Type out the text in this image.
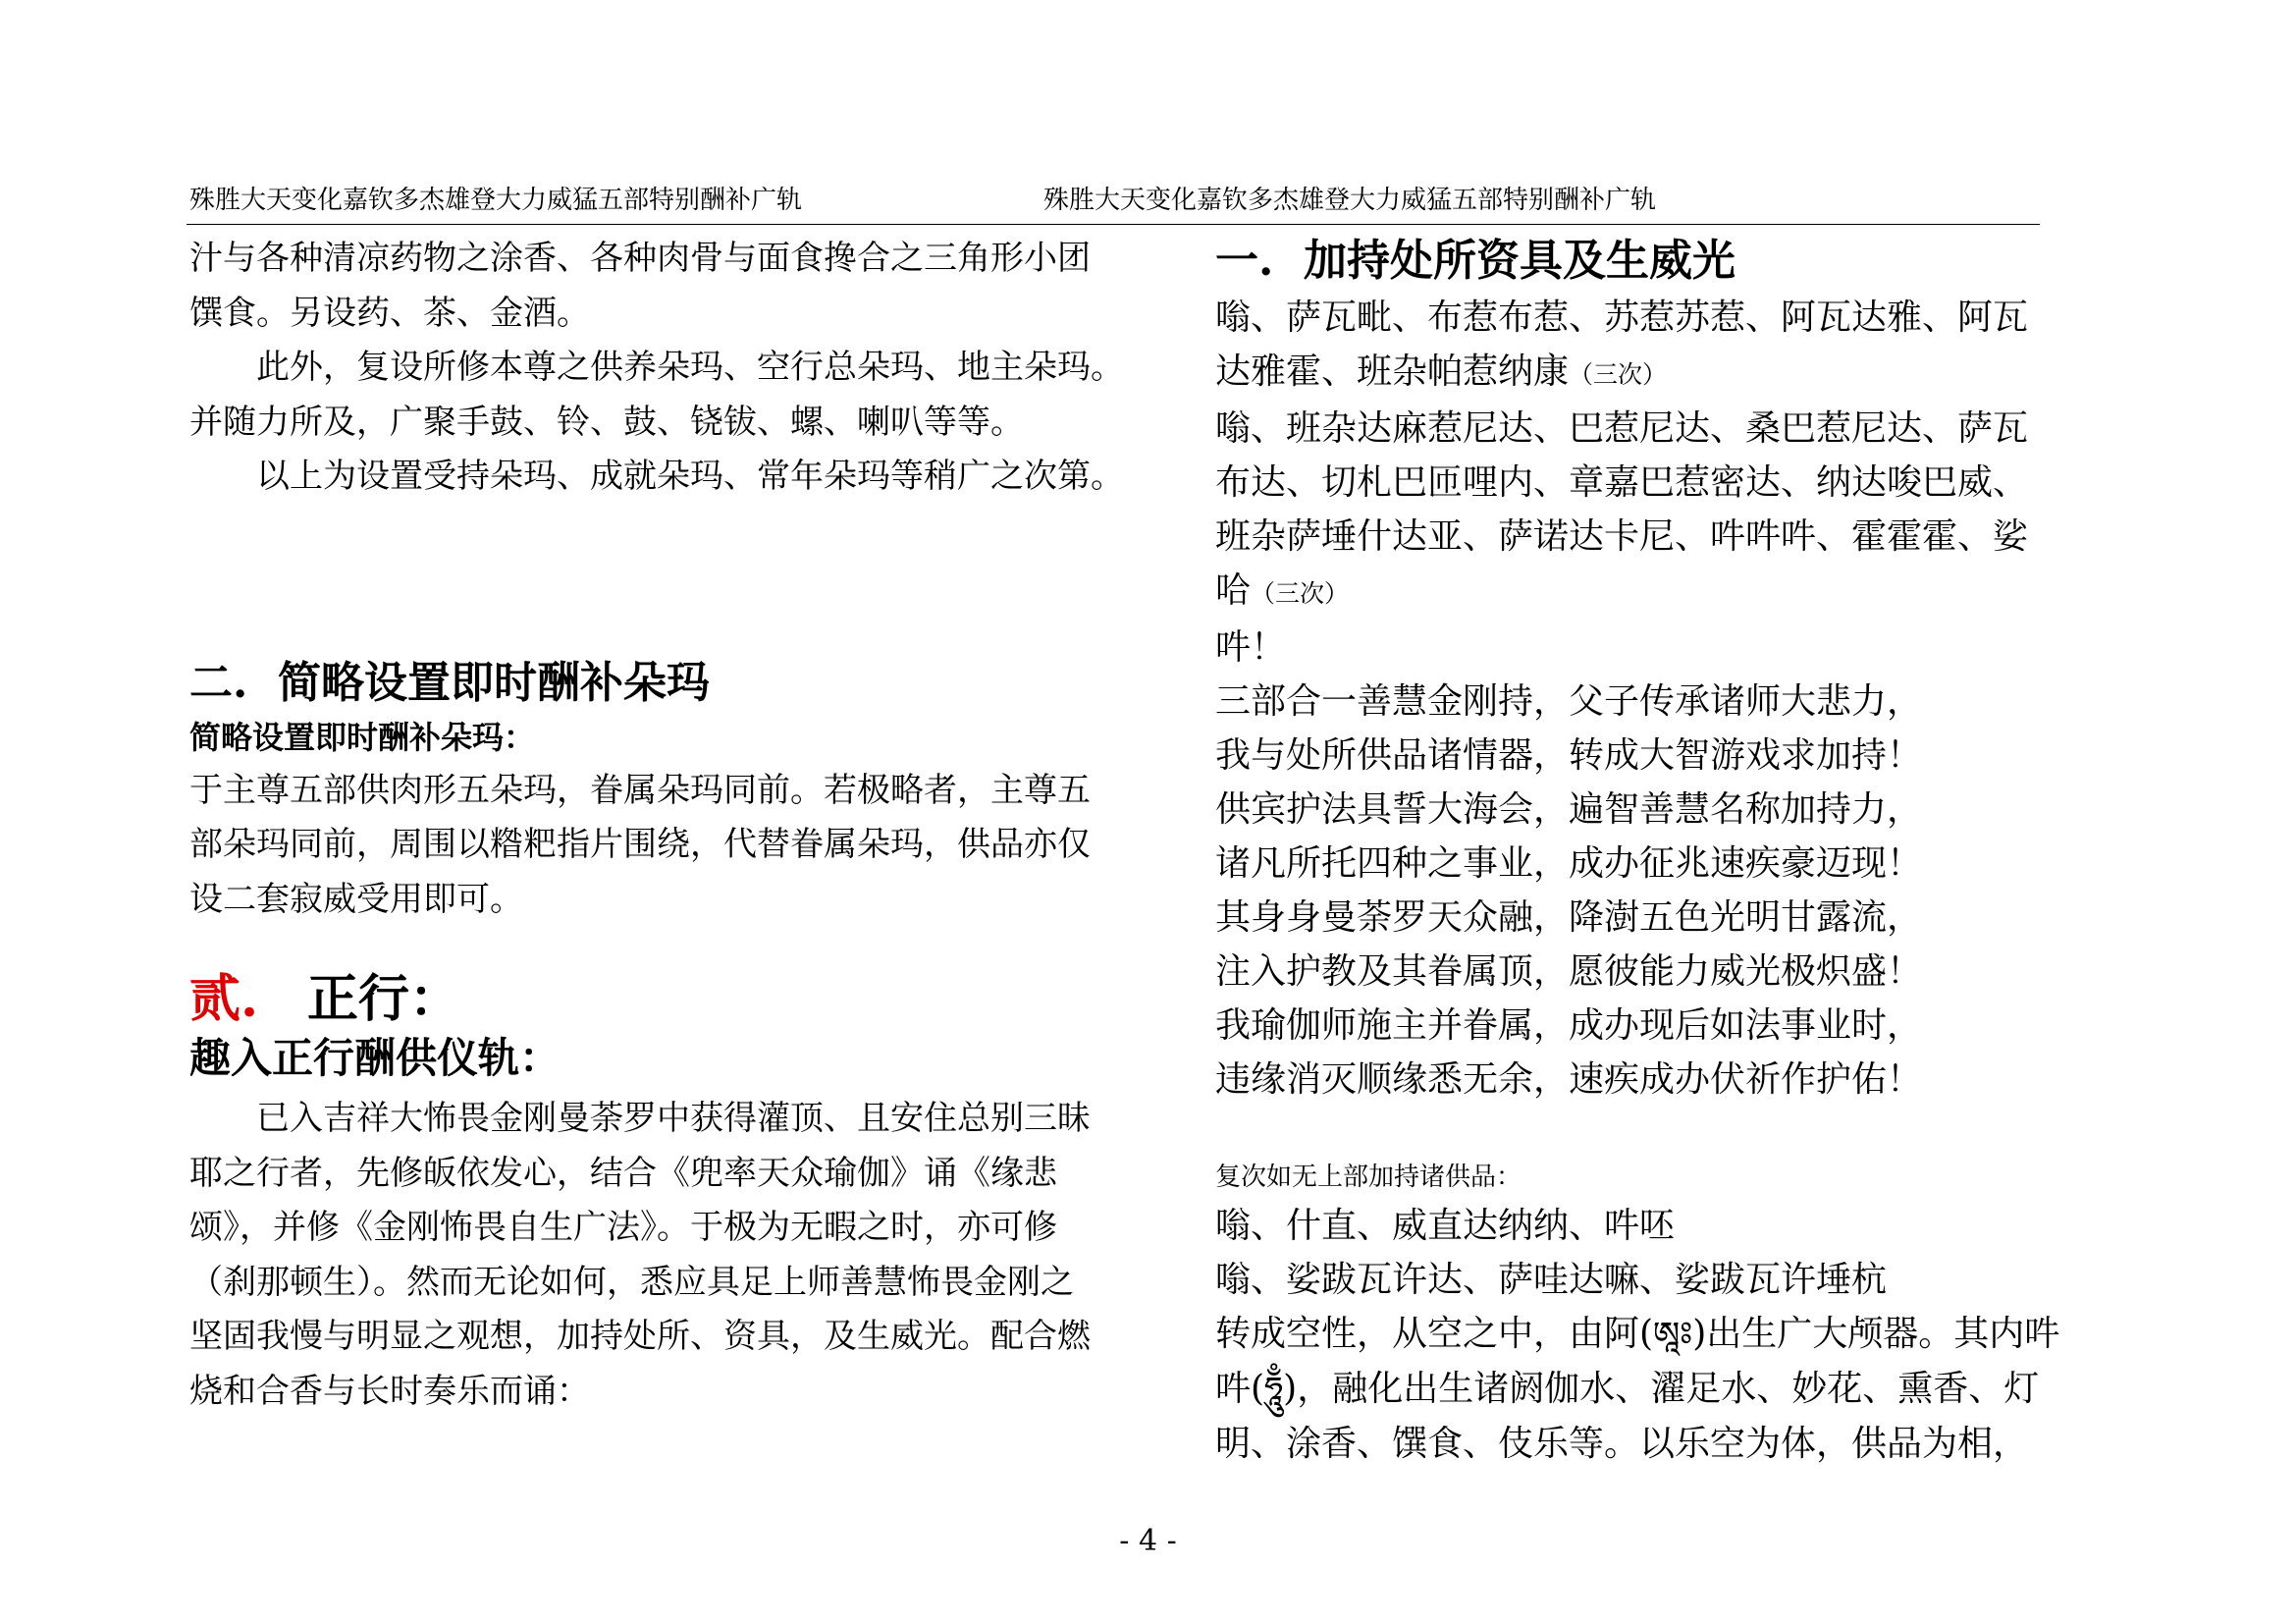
殊胜大天变化嘉钦多杰雄登大力威猛五部特别酬补广轨	殊胜大天变化嘉钦多杰雄登大力威猛五部特别酬补广轨
汁与各种清凉药物之涂香、各种肉骨与面食搀合之三角形小团
馔食。另设药、茶、金酒。
此外，复设所修本尊之供养朵玛、空行总朵玛、地主朵玛。
并随力所及，广聚手鼓、铃、鼓、铙钹、螺、喇叭等等。
以上为设置受持朵玛、成就朵玛、常年朵玛等稍广之次第。
二. 简略设置即时酬补朵玛
简略设置即时酬补朵玛：
于主尊五部供肉形五朵玛，眷属朵玛同前。若极略者，主尊五
部朵玛同前，周围以糌粑指片围绕，代替眷属朵玛，供品亦仅
设二套寂威受用即可。
贰. 正行：
趣入正行酬供仪轨：
已入吉祥大怖畏金刚曼荼罗中获得灌顶、且安住总别三昧
耶之行者，先修皈依发心，结合《兜率天众瑜伽》诵《缘悲
颂》，并修《金刚怖畏自生广法》。于极为无暇之时，亦可修
（刹那顿生）。然而无论如何，悉应具足上师善慧怖畏金刚之
坚固我慢与明显之观想，加持处所、资具，及生威光。配合燃
烧和合香与长时奏乐而诵：
一. 加持处所资具及生威光
嗡、萨瓦毗、布惹布惹、苏惹苏惹、阿瓦达雅、阿瓦
达雅霍、班杂帕惹纳康（三次）
嗡、班杂达麻惹尼达、巴惹尼达、桑巴惹尼达、萨瓦
布达、切札巴匝哩内、章嘉巴惹密达、纳达唆巴威、
班杂萨埵什达亚、萨诺达卡尼、吽吽吽、霍霍霍、娑
哈（三次）
吽！
三部合一善慧金刚持，父子传承诸师大悲力，
我与处所供品诸情器，转成大智游戏求加持！
供宾护法具誓大海会，遍智善慧名称加持力，
诸凡所托四种之事业，成办征兆速疾豪迈现！
其身身曼荼罗天众融，降澍五色光明甘露流，
注入护教及其眷属顶，愿彼能力威光极炽盛！
我瑜伽师施主并眷属，成办现后如法事业时，
违缘消灭顺缘悉无余，速疾成办伏祈作护佑！
复次如无上部加持诸供品：
嗡、什直、威直达纳纳、吽呸
嗡、娑跋瓦许达、萨哇达嘛、娑跋瓦许埵杭
转成空性，从空之中，由阿(ཨཱཿ)出生广大颅器。其内吽
吽(ཧཱུྃ)，融化出生诸阏伽水、濯足水、妙花、熏香、灯
明、涂香、馔食、伎乐等。以乐空为体，供品为相，
- 4 -
